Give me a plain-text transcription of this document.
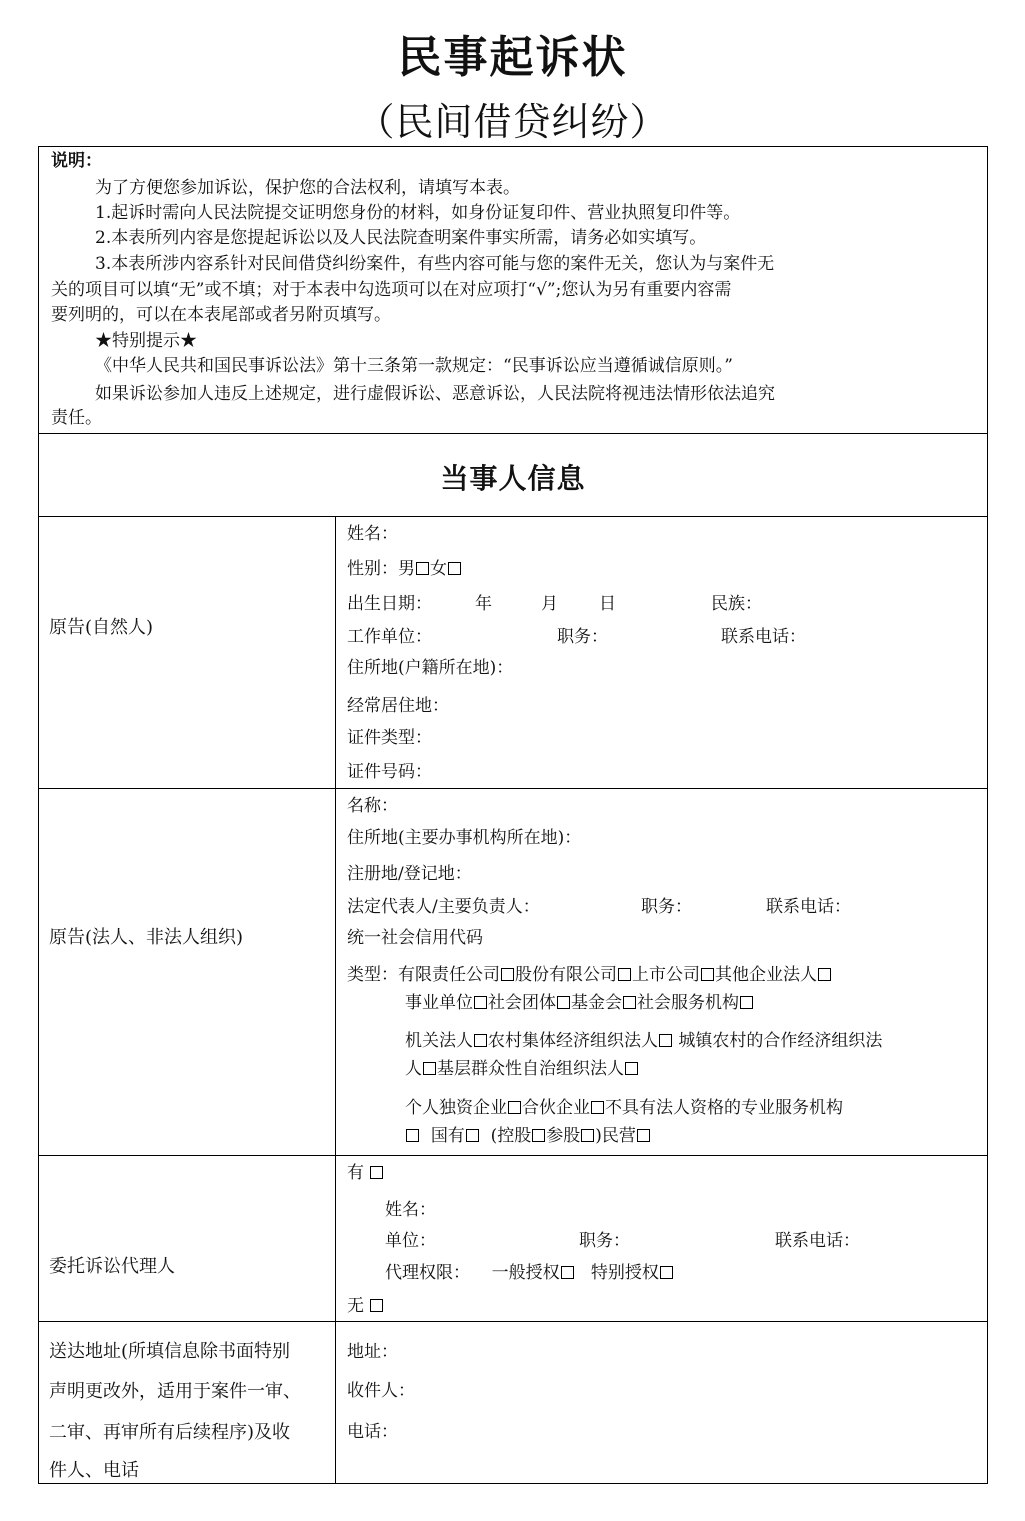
民事起诉状
（民间借贷纠纷）
说明：
为了方便您参加诉讼，保护您的合法权利，请填写本表。
1.起诉时需向人民法院提交证明您身份的材料，如身份证复印件、营业执照复印件等。
2.本表所列内容是您提起诉讼以及人民法院查明案件事实所需，请务必如实填写。
3.本表所涉内容系针对民间借贷纠纷案件，有些内容可能与您的案件无关，您认为与案件无
关的项目可以填“无”或不填；对于本表中勾选项可以在对应项打“√”;您认为另有重要内容需
要列明的，可以在本表尾部或者另附页填写。
★特别提示★
《中华人民共和国民事诉讼法》第十三条第一款规定：“民事诉讼应当遵循诚信原则。”
如果诉讼参加人违反上述规定，进行虚假诉讼、恶意诉讼，人民法院将视违法情形依法追究
责任。
当事人信息
原告(自然人)
姓名：
性别：男 女
出生日期：	年	月 日	民族：
工作单位：	职务：	联系电话：
住所地(户籍所在地)：
经常居住地：
证件类型：
证件号码：
原告(法人、非法人组织)
名称：
住所地(主要办事机构所在地)：
注册地/登记地：
法定代表人/主要负责人：	职务：	联系电话：
统一社会信用代码
类型：有限责任公司 股份有限公司 上市公司 其他企业法人
事业单位 社会团体 基金会 社会服务机构
机关法人 农村集体经济组织法人 城镇农村的合作经济组织法
人 基层群众性自治组织法人
个人独资企业 合伙企业 不具有法人资格的专业服务机构
国有 (控股 参股 )民营
委托诉讼代理人
有
姓名：
单位：	职务：	联系电话：
代理权限： 一般授权 特别授权
无
送达地址(所填信息除书面特别
声明更改外，适用于案件一审、
二审、再审所有后续程序)及收
件人、电话
地址：
收件人：
电话：
